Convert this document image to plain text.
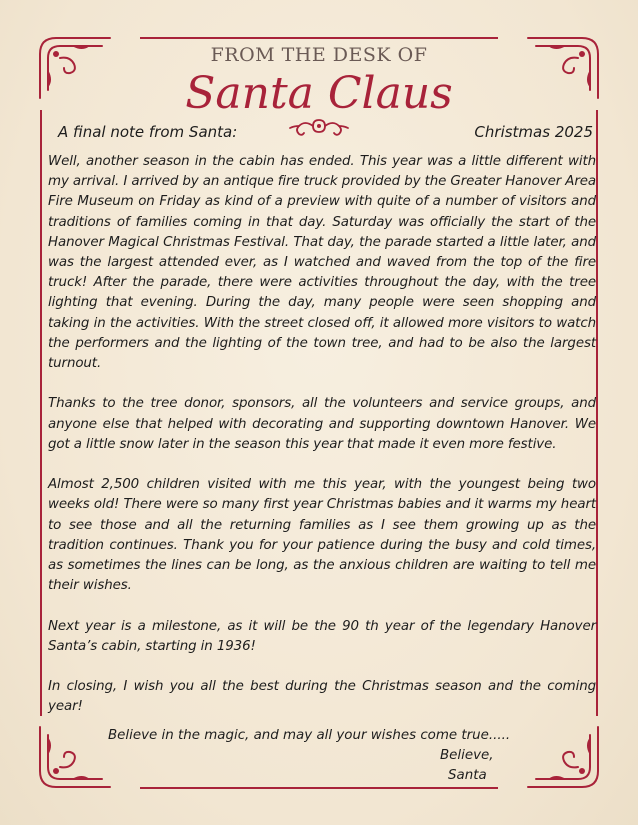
FROM THE DESK OF
Santa Claus
A final note from Santa:	Christmas 2025

Well, another season in the cabin has ended. This year was a little different with my arrival. I arrived by an antique fire truck provided by the Greater Hanover Area Fire Museum on Friday as kind of a preview with quite of a number of visitors and traditions of families coming in that day. Saturday was officially the start of the Hanover Magical Christmas Festival. That day, the parade started a little later, and was the largest attended ever, as I watched and waved from the top of the fire truck! After the parade, there were activities throughout the day, with the tree lighting that evening. During the day, many people were seen shopping and taking in the activities. With the street closed off, it allowed more visitors to watch the performers and the lighting of the town tree, and had to be also the largest turnout.

Thanks to the tree donor, sponsors, all the volunteers and service groups, and anyone else that helped with decorating and supporting downtown Hanover. We got a little snow later in the season this year that made it even more festive.

Almost 2,500 children visited with me this year, with the youngest being two weeks old! There were so many first year Christmas babies and it warms my heart to see those and all the returning families as I see them growing up as the tradition continues. Thank you for your patience during the busy and cold times, as sometimes the lines can be long, as the anxious children are waiting to tell me their wishes.

Next year is a milestone, as it will be the 90 th year of the legendary Hanover Santa’s cabin, starting in 1936!

In closing, I wish you all the best during the Christmas season and the coming year!

Believe in the magic, and may all your wishes come true.....
Believe,
Santa
